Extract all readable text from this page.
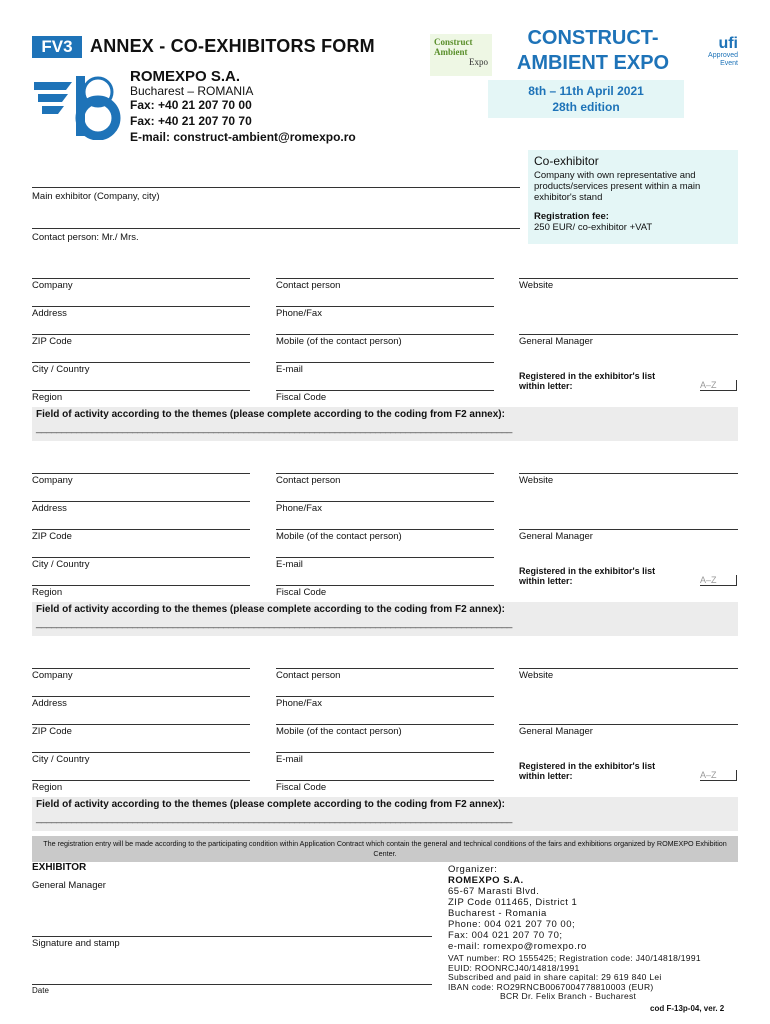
FV3 ANNEX - CO-EXHIBITORS FORM	Construct
Ambient
Expo
CONSTRUCT-
AMBIENT EXPO
ufi
Approved
Event
8th – 11th April 2021
28th edition
ROMEXPO S.A.
Bucharest – ROMANIA
Fax: +40 21 207 70 00
Fax: +40 21 207 70 70
E-mail: construct-ambient@romexpo.ro
Co-exhibitor
Company with own representative and products/services present within a main exhibitor's stand
Registration fee:
250 EUR/ co-exhibitor +VAT
Main exhibitor (Company, city)
Contact person: Mr./ Mrs.
Company	Contact person	Website
Address	Phone/Fax
ZIP Code	Mobile (of the contact person)	General Manager
City / Country	E-mail
Region	Fiscal Code
Registered in the exhibitor's list
within letter:	A–Z
Field of activity according to the themes (please complete according to the coding from F2 annex):
______________________________________________________________________________________________
Company	Contact person	Website
Address	Phone/Fax
ZIP Code	Mobile (of the contact person)	General Manager
City / Country	E-mail
Region	Fiscal Code
Registered in the exhibitor's list
within letter:	A–Z
Field of activity according to the themes (please complete according to the coding from F2 annex):
______________________________________________________________________________________________
Company	Contact person	Website
Address	Phone/Fax
ZIP Code	Mobile (of the contact person)	General Manager
City / Country	E-mail
Region	Fiscal Code
Registered in the exhibitor's list
within letter:	A–Z
Field of activity according to the themes (please complete according to the coding from F2 annex):
______________________________________________________________________________________________
The registration entry will be made according to the participating condition within Application Contract which contain the general and technical conditions of the fairs and exhibitions organized by ROMEXPO Exhibition Center.
EXHIBITOR
General Manager
Signature and stamp
Date
Organizer:
ROMEXPO S.A.
65-67 Marasti Blvd.
ZIP Code 011465, District 1
Bucharest - Romania
Phone: 004 021 207 70 00;
Fax: 004 021 207 70 70;
e-mail: romexpo@romexpo.ro
VAT number: RO 1555425; Registration code: J40/14818/1991
EUID: ROONRCJ40/14818/1991
Subscribed and paid in share capital: 29 619 840 Lei
IBAN code: RO29RNCB0067004778810003 (EUR)
BCR Dr. Felix Branch - Bucharest
cod F-13p-04, ver. 2
